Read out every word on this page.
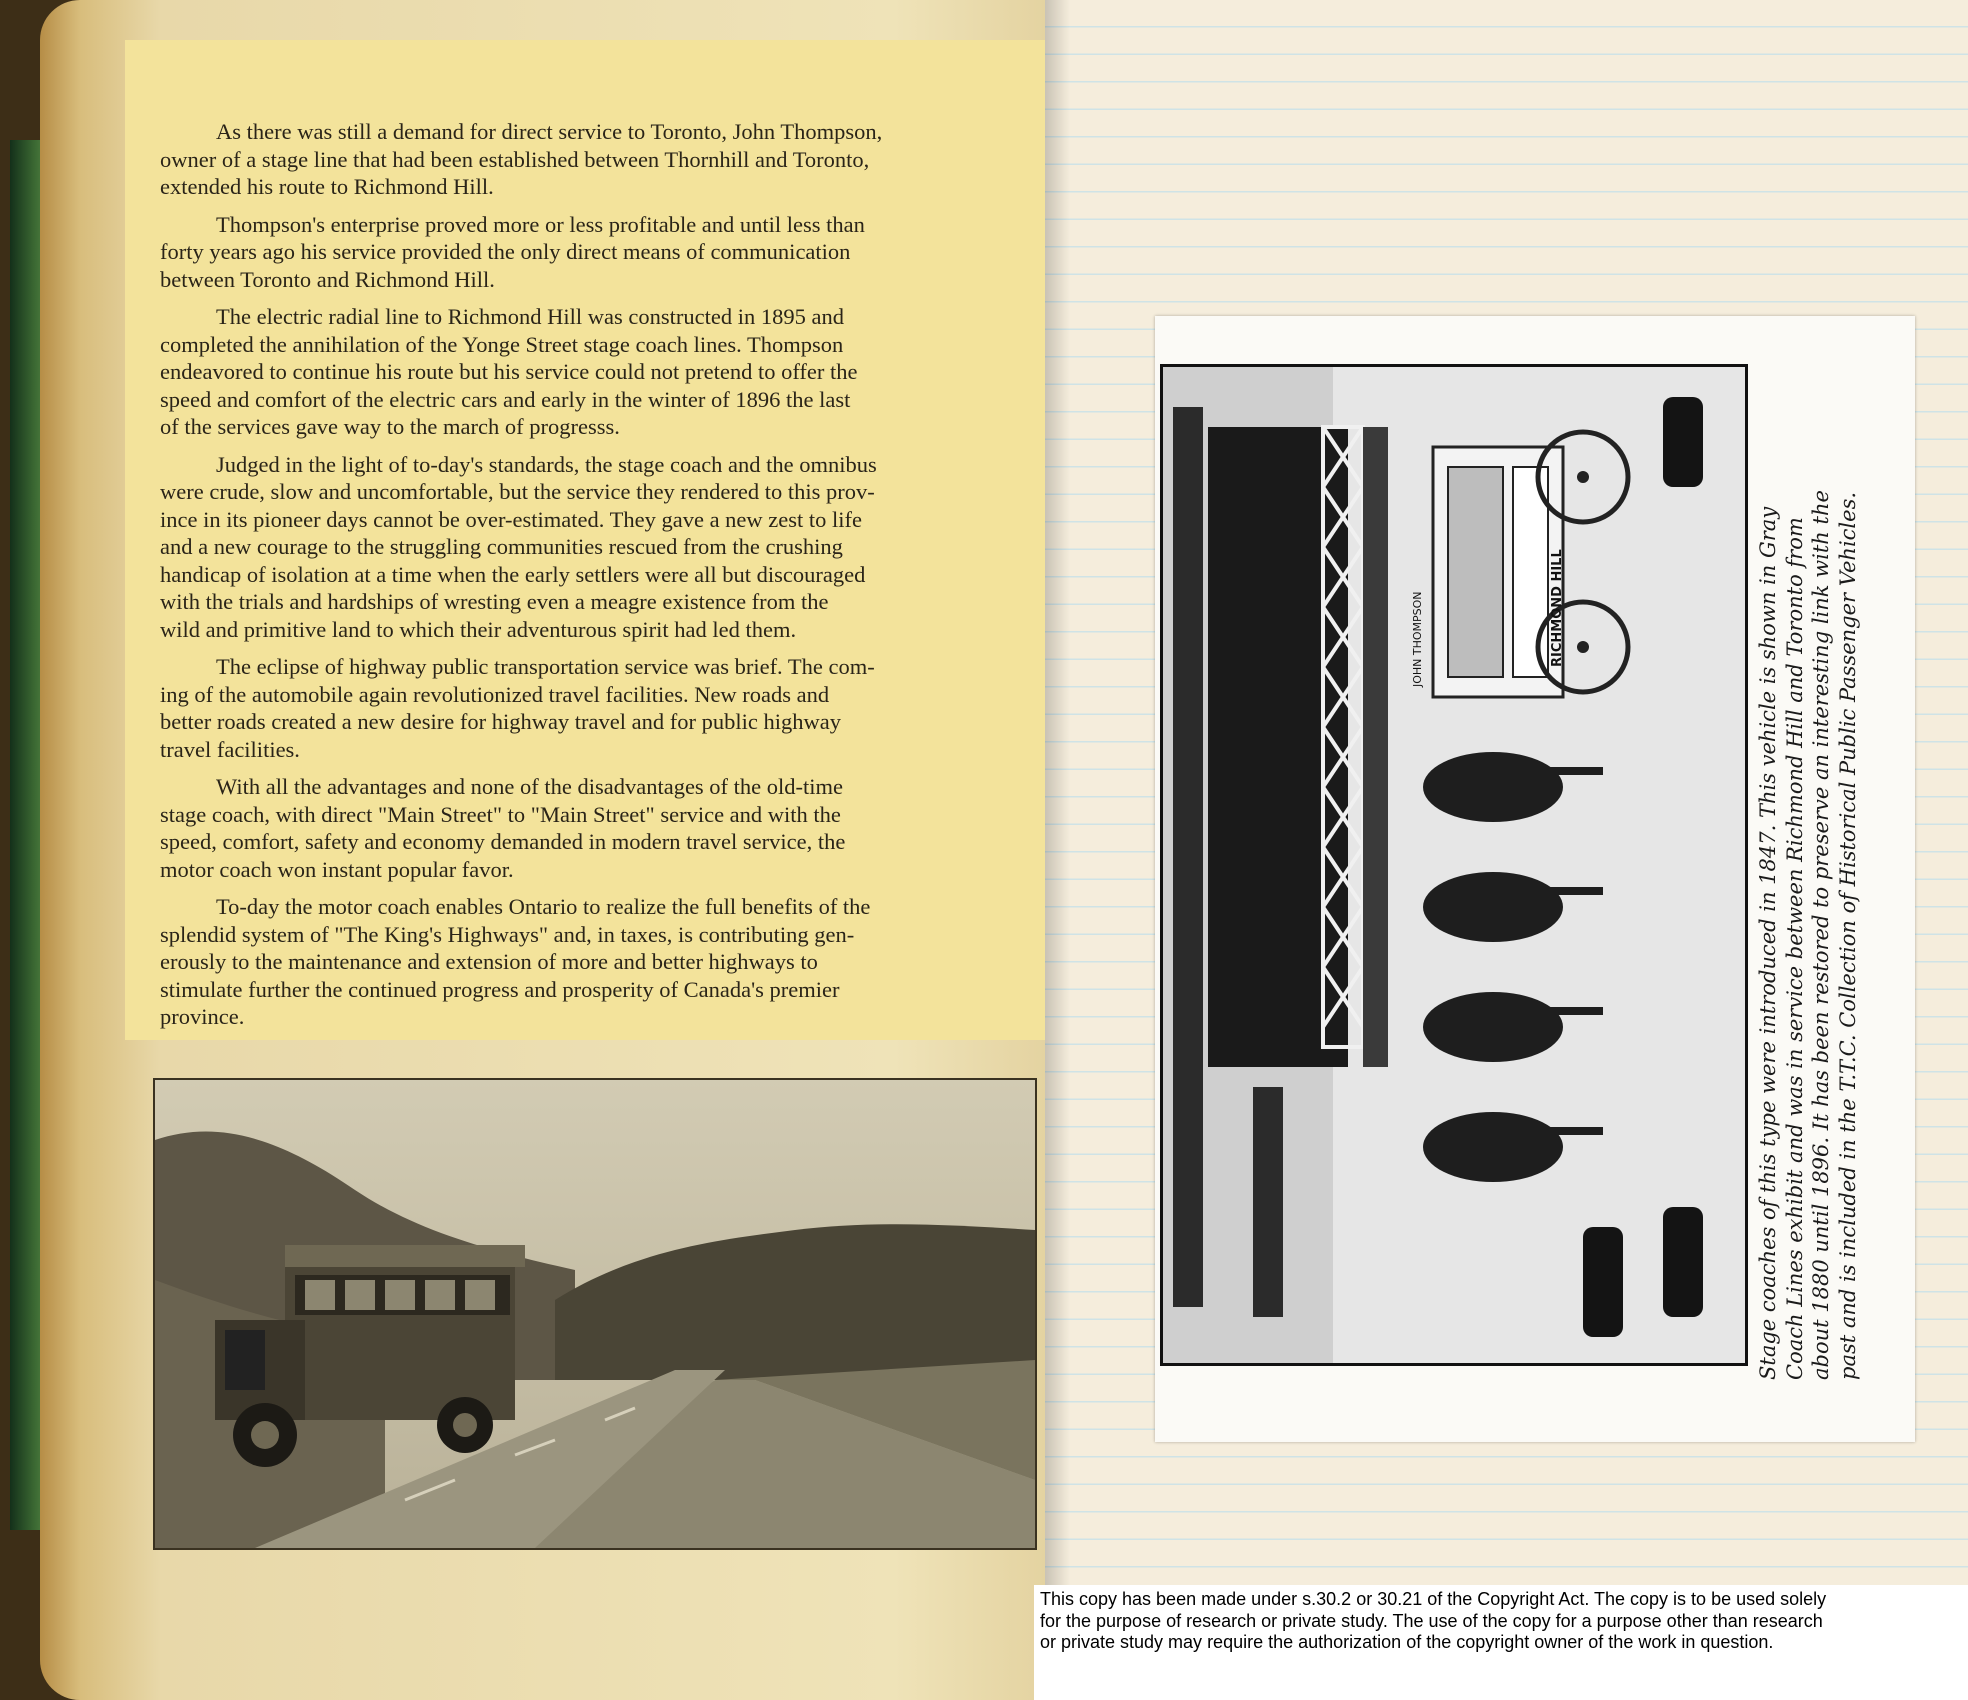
As there was still a demand for direct service to Toronto, John Thompson,
owner of a stage line that had been established between Thornhill and Toronto,
extended his route to Richmond Hill.

Thompson's enterprise proved more or less profitable and until less than
forty years ago his service provided the only direct means of communication
between Toronto and Richmond Hill.

The electric radial line to Richmond Hill was constructed in 1895 and
completed the annihilation of the Yonge Street stage coach lines. Thompson
endeavored to continue his route but his service could not pretend to offer the
speed and comfort of the electric cars and early in the winter of 1896 the last
of the services gave way to the march of progresss.

Judged in the light of to-day's standards, the stage coach and the omnibus
were crude, slow and uncomfortable, but the service they rendered to this prov-
ince in its pioneer days cannot be over-estimated. They gave a new zest to life
and a new courage to the struggling communities rescued from the crushing
handicap of isolation at a time when the early settlers were all but discouraged
with the trials and hardships of wresting even a meagre existence from the
wild and primitive land to which their adventurous spirit had led them.

The eclipse of highway public transportation service was brief. The com-
ing of the automobile again revolutionized travel facilities. New roads and
better roads created a new desire for highway travel and for public highway
travel facilities.

With all the advantages and none of the disadvantages of the old-time
stage coach, with direct "Main Street" to "Main Street" service and with the
speed, comfort, safety and economy demanded in modern travel service, the
motor coach won instant popular favor.

To-day the motor coach enables Ontario to realize the full benefits of the
splendid system of "The King's Highways" and, in taxes, is contributing gen-
erously to the maintenance and extension of more and better highways to
stimulate further the continued progress and prosperity of Canada's premier
province.

JOHN THOMPSON	RICHMOND HILL	Stage coaches of this type were introduced in 1847. This vehicle is shown in Gray Coach Lines exhibit and was in service between Richmond Hill and Toronto from about 1880 until 1896. It has been restored to preserve an interesting link with the past and is included in the T.T.C. Collection of Historical Public Passenger Vehicles.
This copy has been made under s.30.2 or 30.21 of the Copyright Act. The copy is to be used solely
for the purpose of research or private study. The use of the copy for a purpose other than research
or private study may require the authorization of the copyright owner of the work in question.
